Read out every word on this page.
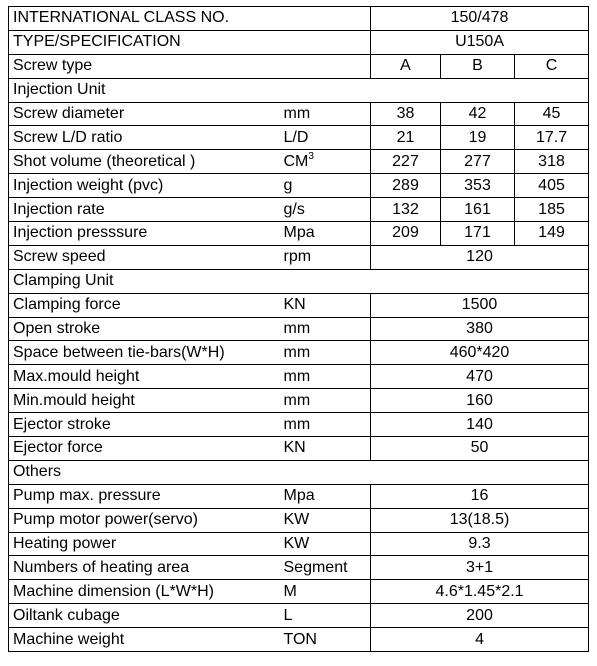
INTERNATIONAL CLASS NO.		150/478		
TYPE/SPECIFICATION		U150A		
Screw type		A	B	C
Injection Unit				
Screw diameter	mm	38	42	45
Screw L/D ratio	L/D	21	19	17.7
Shot volume (theoretical )	$CM^3$	227	277	318
Injection weight (pvc)	g	289	353	405
Injection rate	g/s	132	161	185
Injection presssure	Mpa	209	171	149
Screw speed	rpm	120		
Clamping Unit				
Clamping force	KN	1500		
Open stroke	mm	380		
Space between tie-bars(W*H)	mm	460*420		
Max.mould height	mm	470		
Min.mould height	mm	160		
Ejector stroke	mm	140		
Ejector force	KN	50		
Others				
Pump max. pressure	Mpa	16		
Pump motor power(servo)	KW	13(18.5)		
Heating power	KW	9.3		
Numbers of heating area	Segment	3+1		
Machine dimension (L*W*H)	M	4.6*1.45*2.1		
Oiltank cubage	L	200		
Machine weight	TON	4		
